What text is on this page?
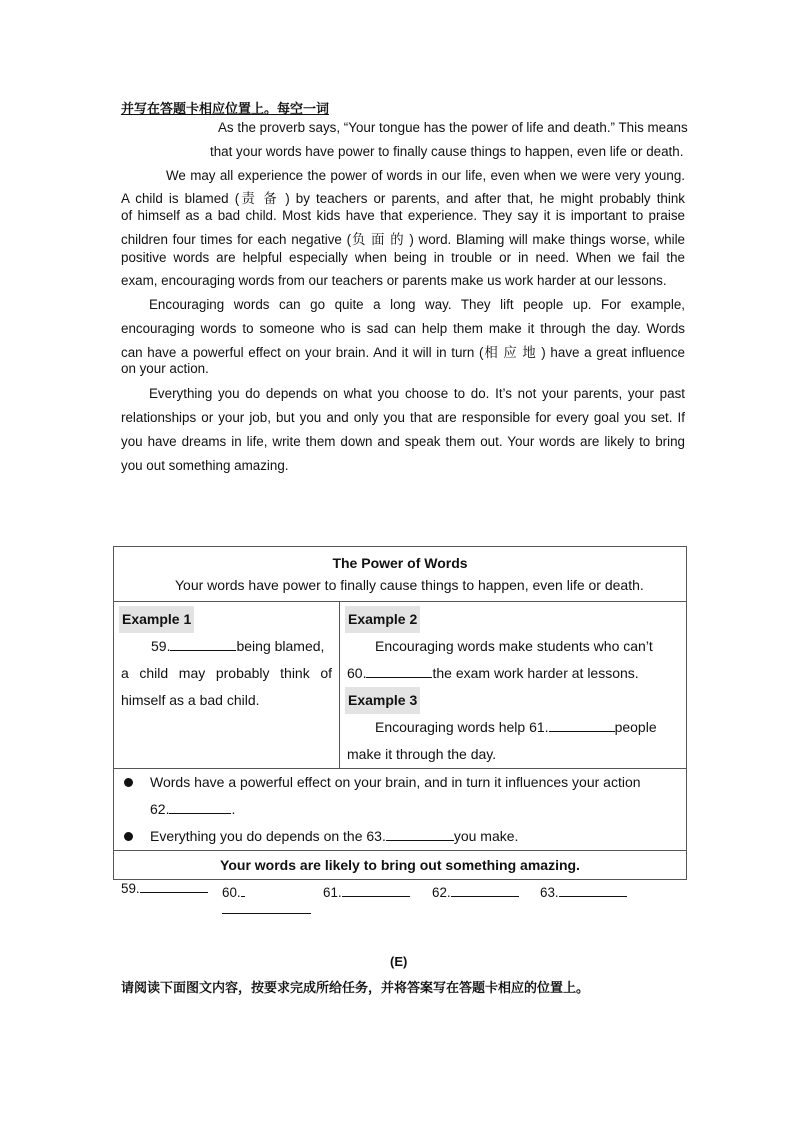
并写在答题卡相应位置上。每空一词
As the proverb says, “Your tongue has the power of life and death.” This means
that your words have power to finally cause things to happen, even life or death.
We may all experience the power of words in our life, even when we were very young.
A child is blamed (责 备 ) by teachers or parents, and after that, he might probably think
of himself as a bad child. Most kids have that experience. They say it is important to praise
children four times for each negative (负 面 的 ) word. Blaming will make things worse, while
positive words are helpful especially when being in trouble or in need. When we fail the
exam, encouraging words from our teachers or parents make us work harder at our lessons.
Encouraging words can go quite a long way. They lift people up. For example,
encouraging words to someone who is sad can help them make it through the day. Words
can have a powerful effect on your brain. And it will in turn (相 应 地 ) have a great influence
on your action.
Everything you do depends on what you choose to do. It’s not your parents, your past
relationships or your job, but you and only you that are responsible for every goal you set. If
you have dreams in life, write them down and speak them out. Your words are likely to bring
you out something amazing.
The Power of Words
Your words have power to finally cause things to happen, even life or death.

Example 1
59.	being blamed,
a child may probably think of
himself as a bad child.

Example 2
Encouraging words make students who can’t
60.	the exam work harder at lessons.
Example 3
Encouraging words help 61.	people
make it through the day.

Words have a powerful effect on your brain, and in turn it influences your action
62.	.
Everything you do depends on the 63.	you make.

Your words are likely to bring out something amazing.
59.	60.	61.	62.	63.
(E)
请阅读下面图文内容，按要求完成所给任务，并将答案写在答题卡相应的位置上。
